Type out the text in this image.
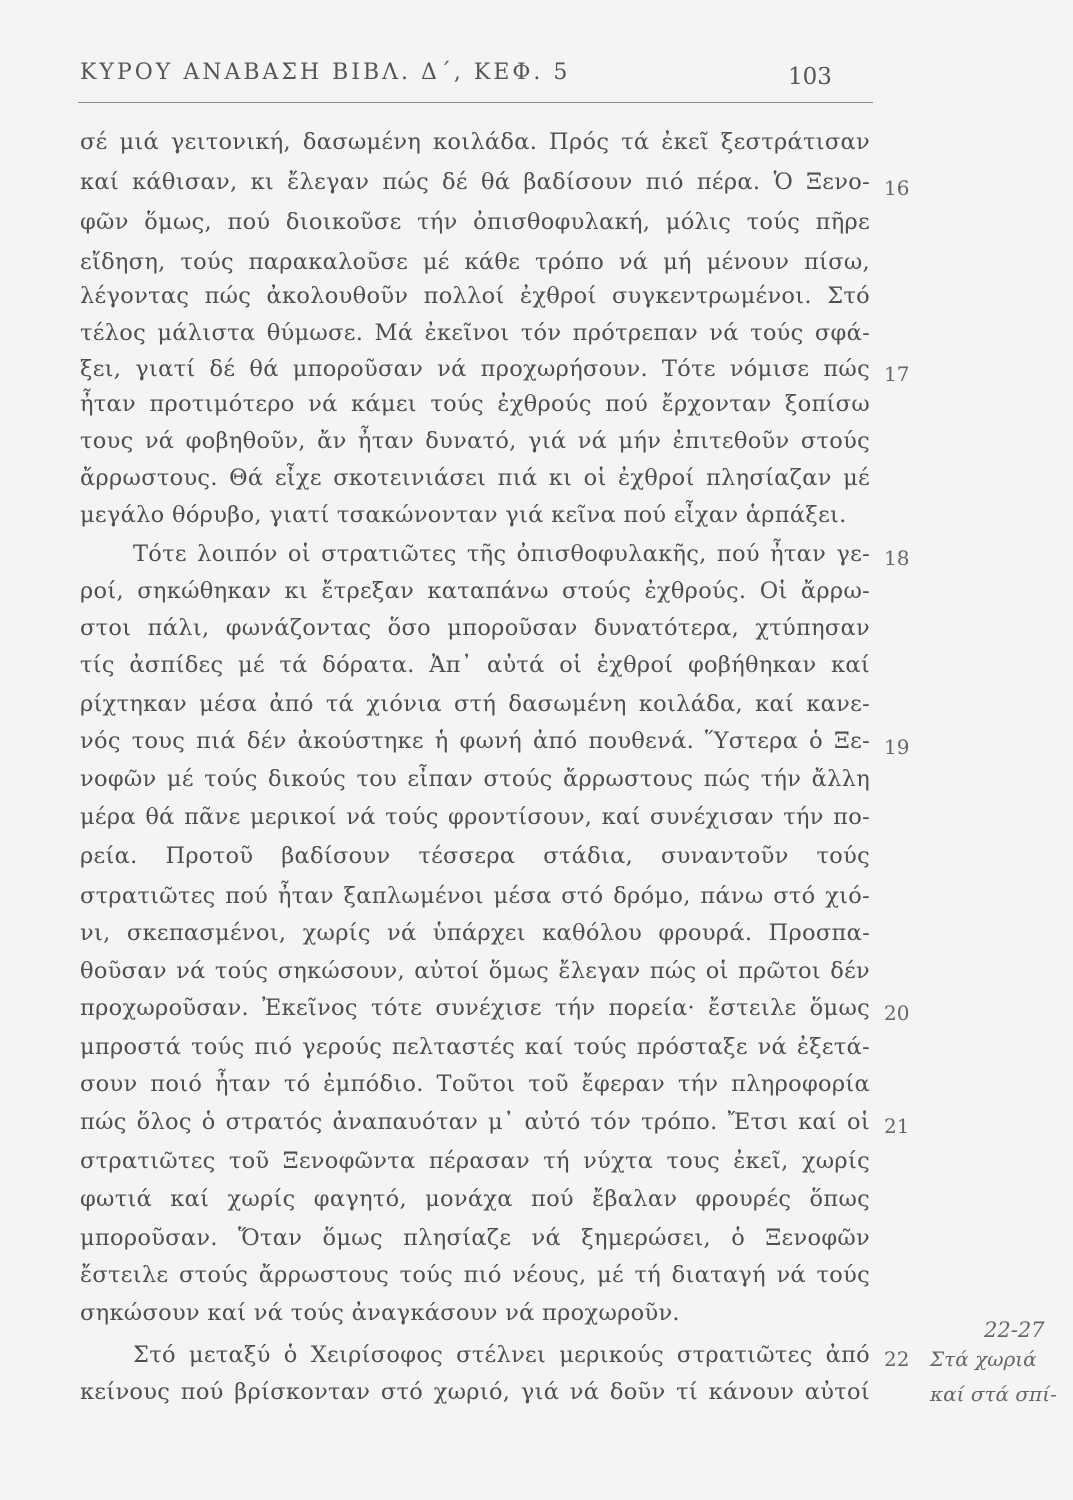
ΚΥΡΟΥ ΑΝΑΒΑΣΗ ΒΙΒΛ. Δ΄, ΚΕΦ. 5	103
σέ μιά γειτονική, δασωμένη κοιλάδα. Πρός τά ἐκεῖ ξεστράτισαν
καί κάθισαν, κι ἔλεγαν πώς δέ θά βαδίσουν πιό πέρα. Ὁ Ξενο-
φῶν ὅμως, πού διοικοῦσε τήν ὀπισθοφυλακή, μόλις τούς πῆρε
εἴδηση, τούς παρακαλοῦσε μέ κάθε τρόπο νά μή μένουν πίσω,
λέγοντας πώς ἀκολουθοῦν πολλοί ἐχθροί συγκεντρωμένοι. Στό
τέλος μάλιστα θύμωσε. Μά ἐκεῖνοι τόν πρότρεπαν νά τούς σφά-
ξει, γιατί δέ θά μποροῦσαν νά προχωρήσουν. Τότε νόμισε πώς
ἦταν προτιμότερο νά κάμει τούς ἐχθρούς πού ἔρχονταν ξοπίσω
τους νά φοβηθοῦν, ἄν ἦταν δυνατό, γιά νά μήν ἐπιτεθοῦν στούς
ἄρρωστους. Θά εἶχε σκοτεινιάσει πιά κι οἱ ἐχθροί πλησίαζαν μέ
μεγάλο θόρυβο, γιατί τσακώνονταν γιά κεῖνα πού εἶχαν ἁρπάξει.
Τότε λοιπόν οἱ στρατιῶτες τῆς ὀπισθοφυλακῆς, πού ἦταν γε-
ροί, σηκώθηκαν κι ἔτρεξαν καταπάνω στούς ἐχθρούς. Οἱ ἄρρω-
στοι πάλι, φωνάζοντας ὅσο μποροῦσαν δυνατότερα, χτύπησαν
τίς ἀσπίδες μέ τά δόρατα. Ἀπ᾽ αὐτά οἱ ἐχθροί φοβήθηκαν καί
ρίχτηκαν μέσα ἀπό τά χιόνια στή δασωμένη κοιλάδα, καί κανε-
νός τους πιά δέν ἀκούστηκε ἡ φωνή ἀπό πουθενά. Ὕστερα ὁ Ξε-
νοφῶν μέ τούς δικούς του εἶπαν στούς ἄρρωστους πώς τήν ἄλλη
μέρα θά πᾶνε μερικοί νά τούς φροντίσουν, καί συνέχισαν τήν πο-
ρεία. Προτοῦ βαδίσουν τέσσερα στάδια, συναντοῦν τούς
στρατιῶτες πού ἦταν ξαπλωμένοι μέσα στό δρόμο, πάνω στό χιό-
νι, σκεπασμένοι, χωρίς νά ὑπάρχει καθόλου φρουρά. Προσπα-
θοῦσαν νά τούς σηκώσουν, αὐτοί ὅμως ἔλεγαν πώς οἱ πρῶτοι δέν
προχωροῦσαν. Ἐκεῖνος τότε συνέχισε τήν πορεία· ἔστειλε ὅμως
μπροστά τούς πιό γερούς πελταστές καί τούς πρόσταξε νά ἐξετά-
σουν ποιό ἦταν τό ἐμπόδιο. Τοῦτοι τοῦ ἔφεραν τήν πληροφορία
πώς ὅλος ὁ στρατός ἀναπαυόταν μ᾽ αὐτό τόν τρόπο. Ἔτσι καί οἱ
στρατιῶτες τοῦ Ξενοφῶντα πέρασαν τή νύχτα τους ἐκεῖ, χωρίς
φωτιά καί χωρίς φαγητό, μονάχα πού ἔβαλαν φρουρές ὅπως
μποροῦσαν. Ὅταν ὅμως πλησίαζε νά ξημερώσει, ὁ Ξενοφῶν
ἔστειλε στούς ἄρρωστους τούς πιό νέους, μέ τή διαταγή νά τούς
σηκώσουν καί νά τούς ἀναγκάσουν νά προχωροῦν.
Στό μεταξύ ὁ Χειρίσοφος στέλνει μερικούς στρατιῶτες ἀπό
κείνους πού βρίσκονταν στό χωριό, γιά νά δοῦν τί κάνουν αὐτοί
16
17
18
19
20
21
22
22-27
Στά χωριά
καί στά σπί-
